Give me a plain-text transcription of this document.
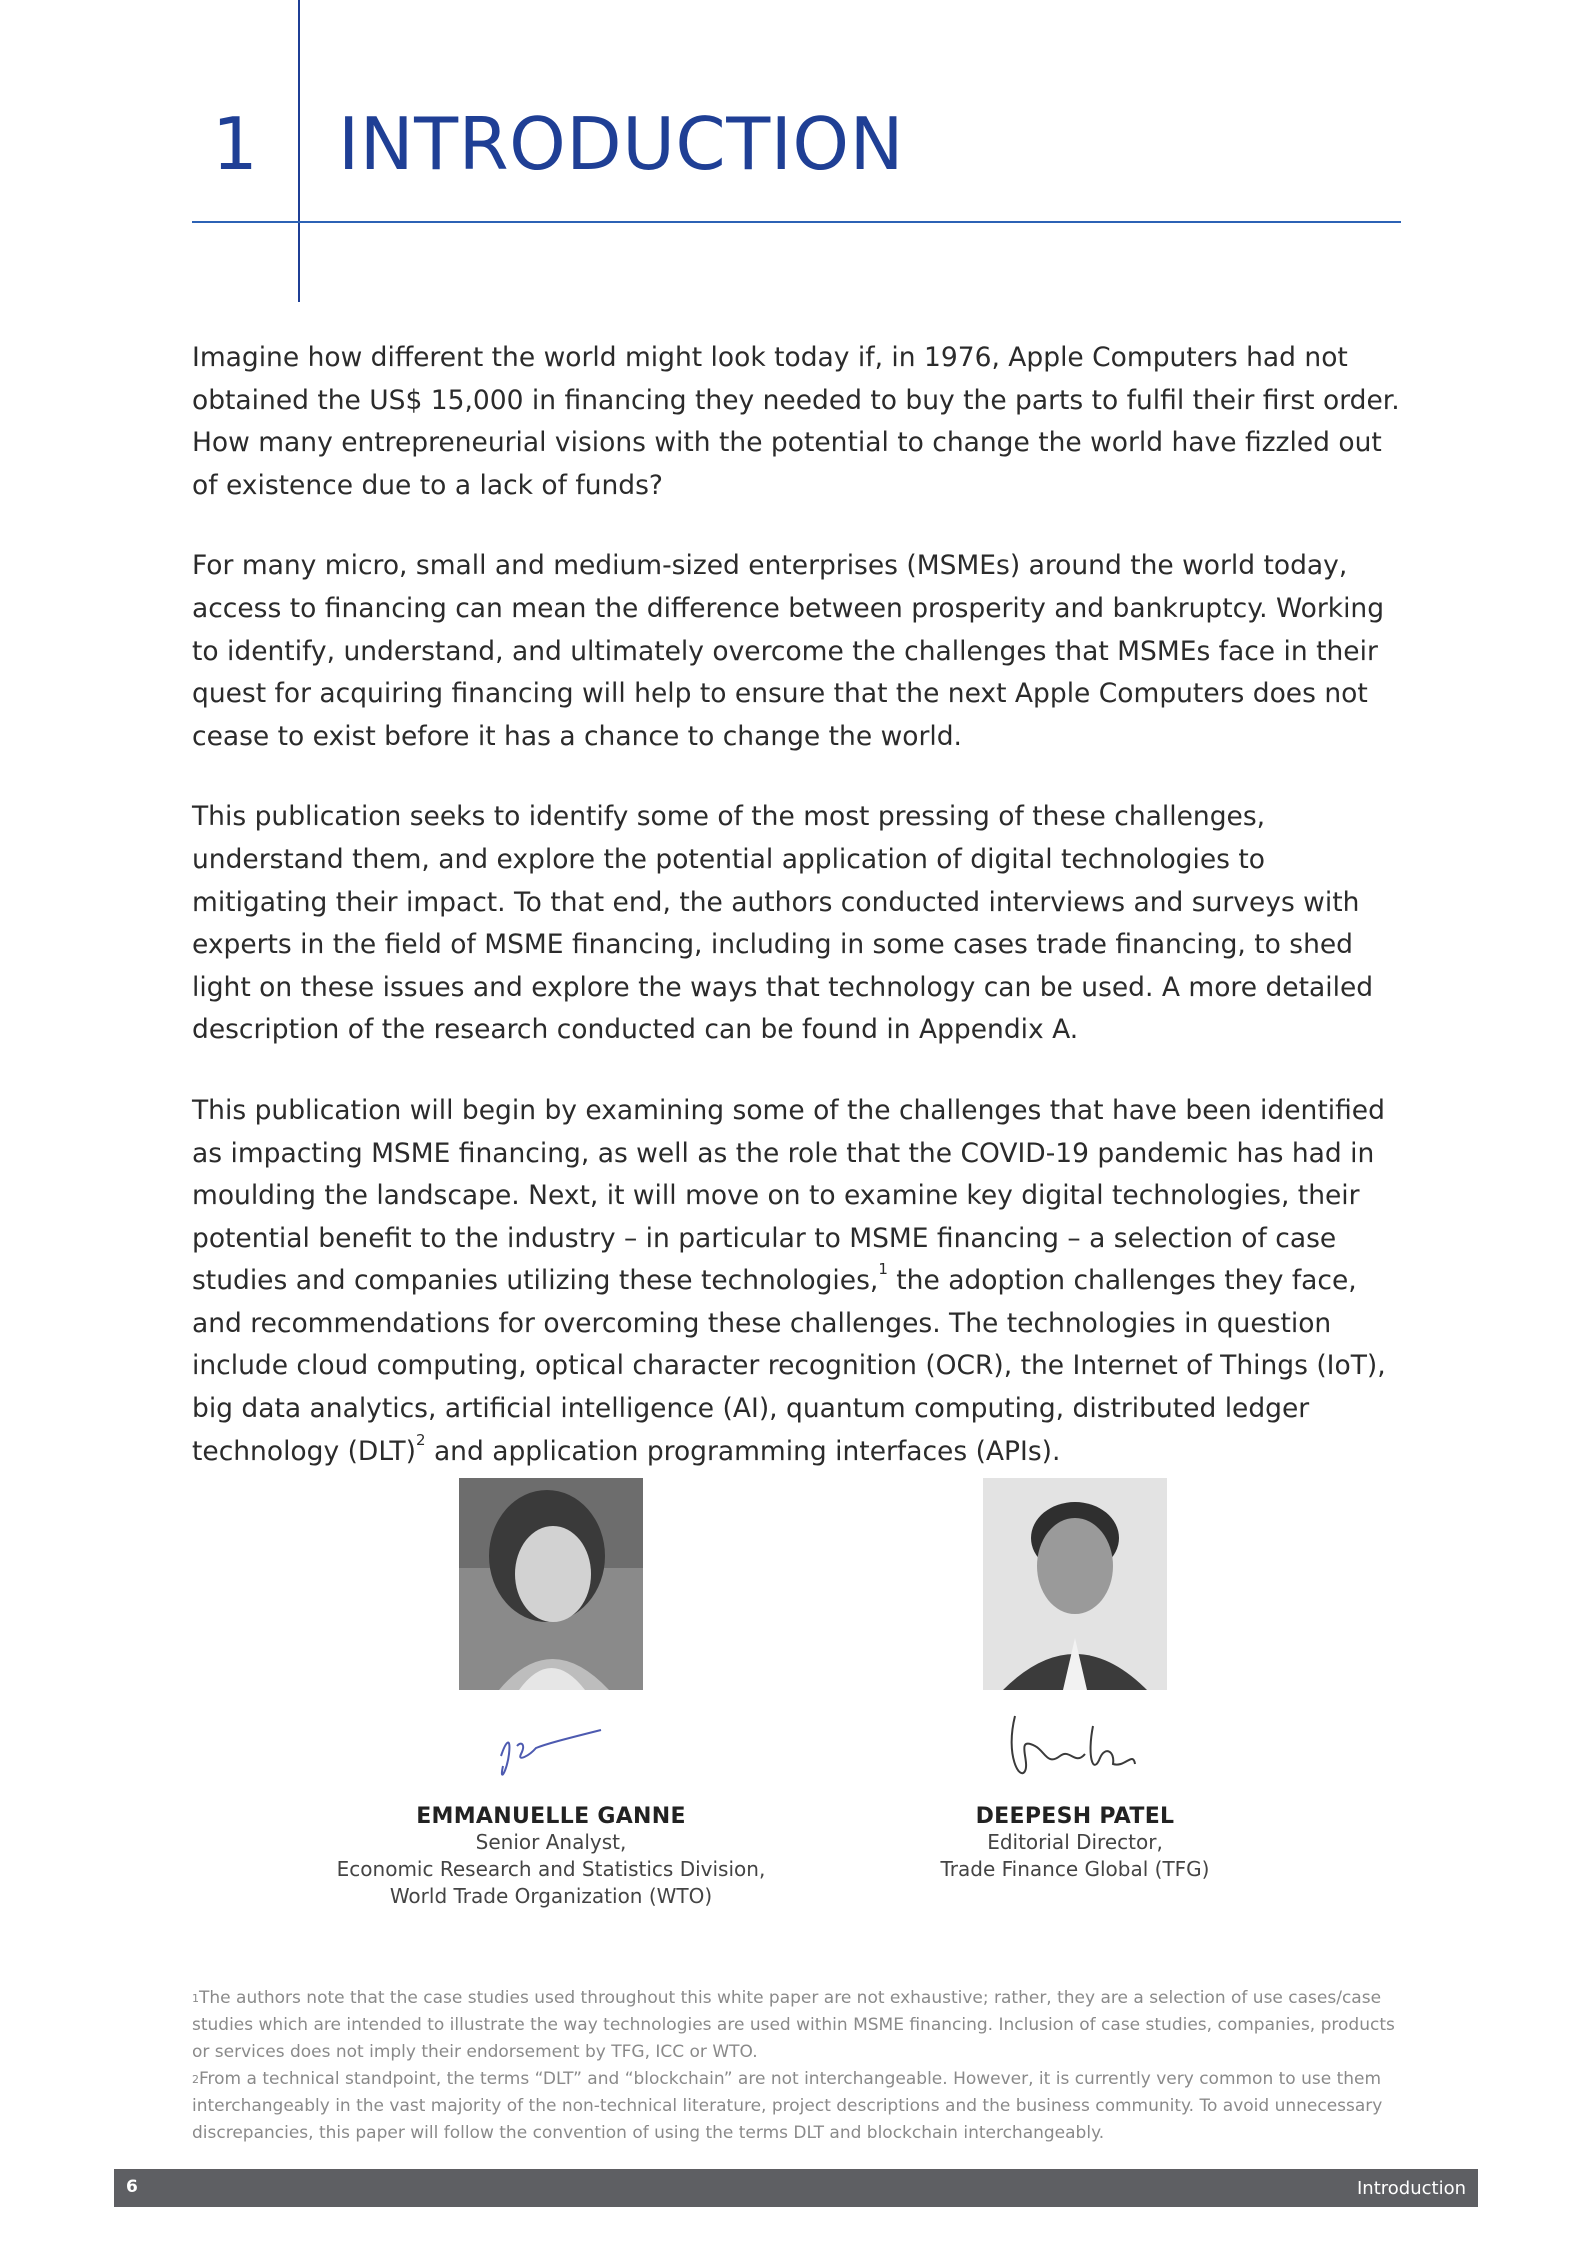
1 INTRODUCTION

Imagine how different the world might look today if, in 1976, Apple Computers had not obtained the US$ 15,000 in financing they needed to buy the parts to fulfil their first order. How many entrepreneurial visions with the potential to change the world have fizzled out of existence due to a lack of funds?

For many micro, small and medium-sized enterprises (MSMEs) around the world today, access to financing can mean the difference between prosperity and bankruptcy. Working to identify, understand, and ultimately overcome the challenges that MSMEs face in their quest for acquiring financing will help to ensure that the next Apple Computers does not cease to exist before it has a chance to change the world.

This publication seeks to identify some of the most pressing of these challenges, understand them, and explore the potential application of digital technologies to mitigating their impact. To that end, the authors conducted interviews and surveys with experts in the field of MSME financing, including in some cases trade financing, to shed light on these issues and explore the ways that technology can be used. A more detailed description of the research conducted can be found in Appendix A.

This publication will begin by examining some of the challenges that have been identified as impacting MSME financing, as well as the role that the COVID-19 pandemic has had in moulding the landscape. Next, it will move on to examine key digital technologies, their potential benefit to the industry – in particular to MSME financing – a selection of case studies and companies utilizing these technologies,$^1$ the adoption challenges they face, and recommendations for overcoming these challenges. The technologies in question include cloud computing, optical character recognition (OCR), the Internet of Things (IoT), big data analytics, artificial intelligence (AI), quantum computing, distributed ledger technology (DLT)$^2$ and application programming interfaces (APIs).

EMMANUELLE GANNE
Senior Analyst,
Economic Research and Statistics Division,
World Trade Organization (WTO)
DEEPESH PATEL
Editorial Director,
Trade Finance Global (TFG)

$^1$The authors note that the case studies used throughout this white paper are not exhaustive; rather, they are a selection of use cases/case studies which are intended to illustrate the way technologies are used within MSME financing. Inclusion of case studies, companies, products or services does not imply their endorsement by TFG, ICC or WTO.

$^2$From a technical standpoint, the terms “DLT” and “blockchain” are not interchangeable. However, it is currently very common to use them interchangeably in the vast majority of the non-technical literature, project descriptions and the business community. To avoid unnecessary discrepancies, this paper will follow the convention of using the terms DLT and blockchain interchangeably.

6	Introduction
